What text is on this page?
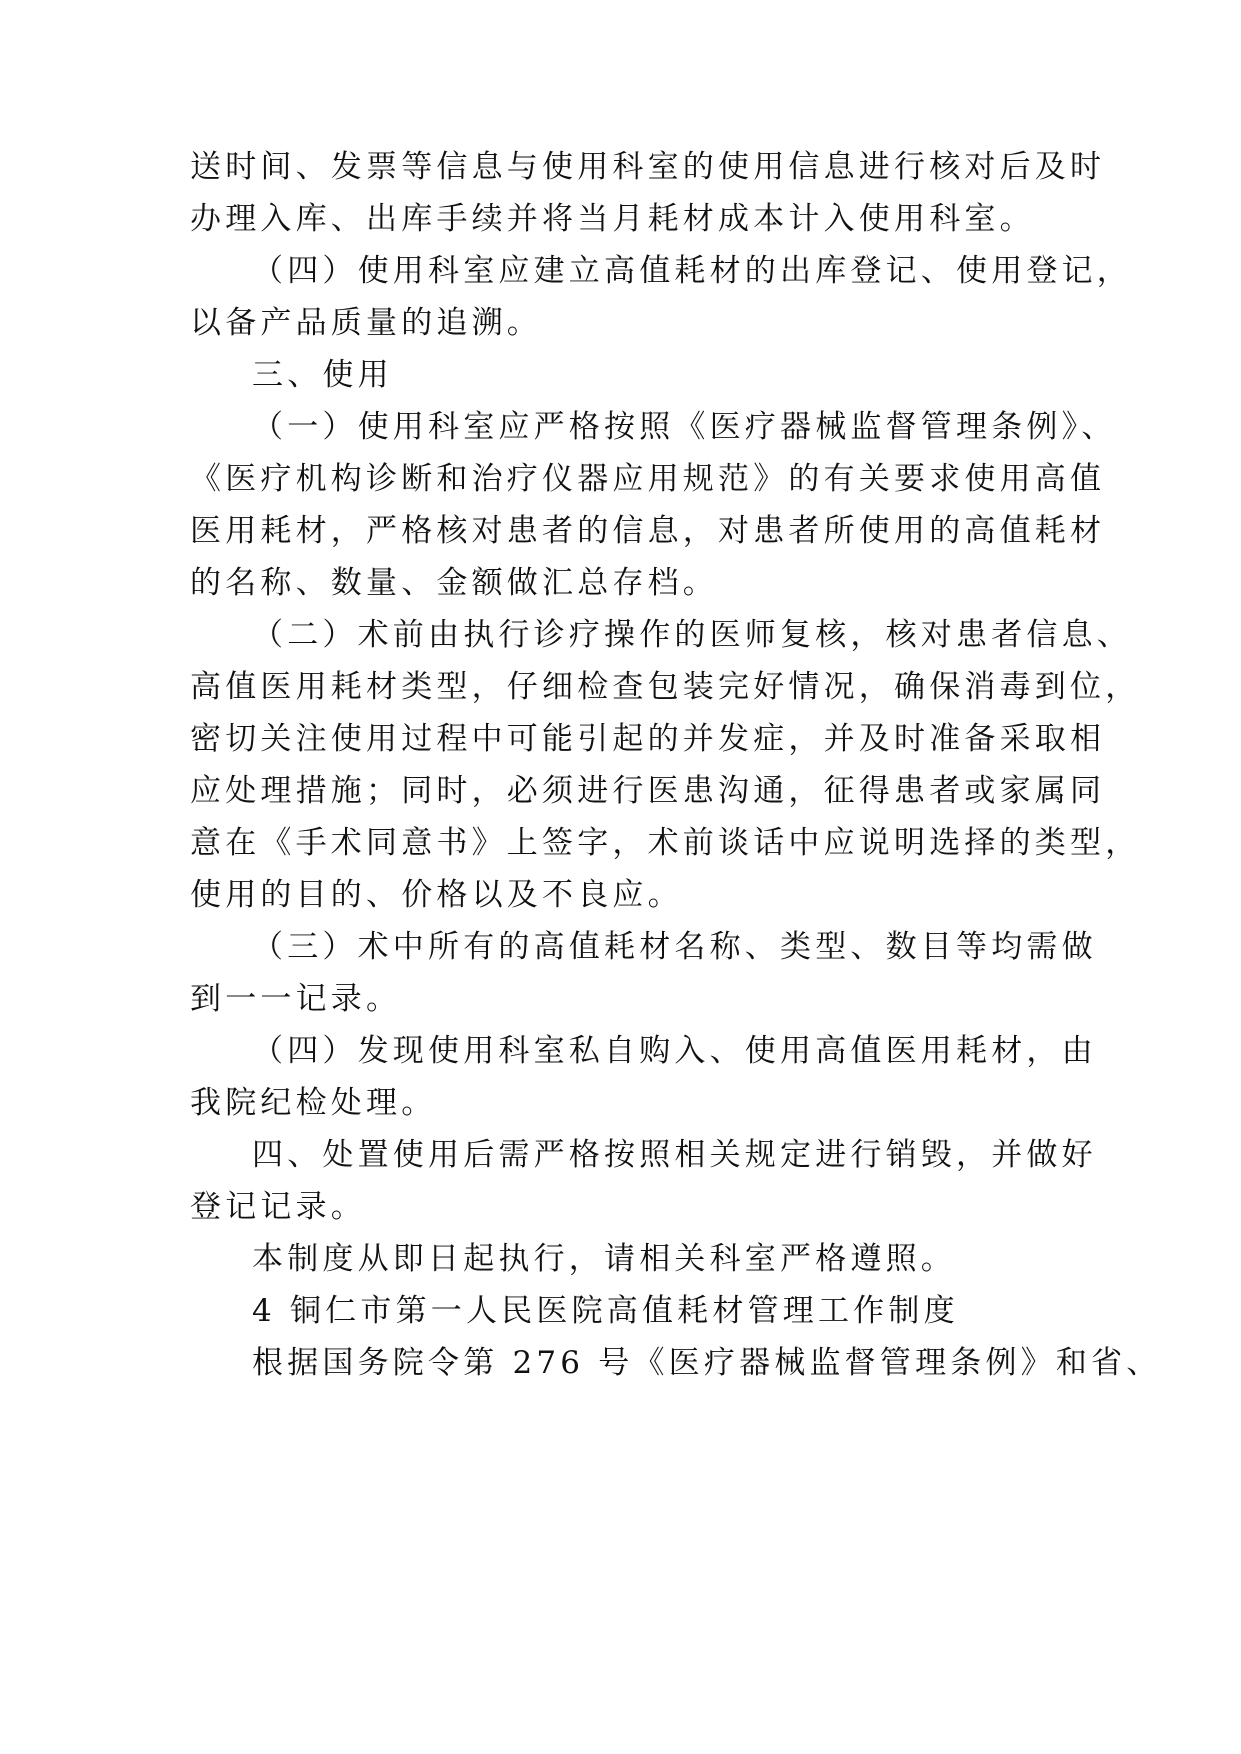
送时间、发票等信息与使用科室的使用信息进行核对后及时
办理入库、出库手续并将当月耗材成本计入使用科室。
（四）使用科室应建立高值耗材的出库登记、使用登记，
以备产品质量的追溯。
三、使用
（一）使用科室应严格按照《医疗器械监督管理条例》、
《医疗机构诊断和治疗仪器应用规范》的有关要求使用高值
医用耗材，严格核对患者的信息，对患者所使用的高值耗材
的名称、数量、金额做汇总存档。
（二）术前由执行诊疗操作的医师复核，核对患者信息、
高值医用耗材类型，仔细检查包装完好情况，确保消毒到位，
密切关注使用过程中可能引起的并发症，并及时准备采取相
应处理措施；同时，必须进行医患沟通，征得患者或家属同
意在《手术同意书》上签字，术前谈话中应说明选择的类型，
使用的目的、价格以及不良应。
（三）术中所有的高值耗材名称、类型、数目等均需做
到一一记录。
（四）发现使用科室私自购入、使用高值医用耗材，由
我院纪检处理。
四、处置使用后需严格按照相关规定进行销毁，并做好
登记记录。
本制度从即日起执行，请相关科室严格遵照。
4 铜仁市第一人民医院高值耗材管理工作制度
根据国务院令第 276 号《医疗器械监督管理条例》和省、
